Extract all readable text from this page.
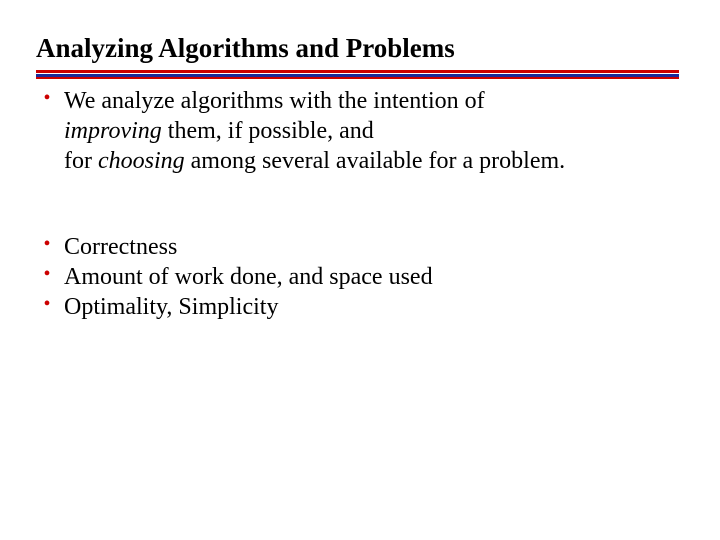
Analyzing Algorithms and Problems
• We analyze algorithms with the intention of
improving them, if possible, and
for choosing among several available for a problem.
• Correctness
• Amount of work done, and space used
• Optimality, Simplicity
